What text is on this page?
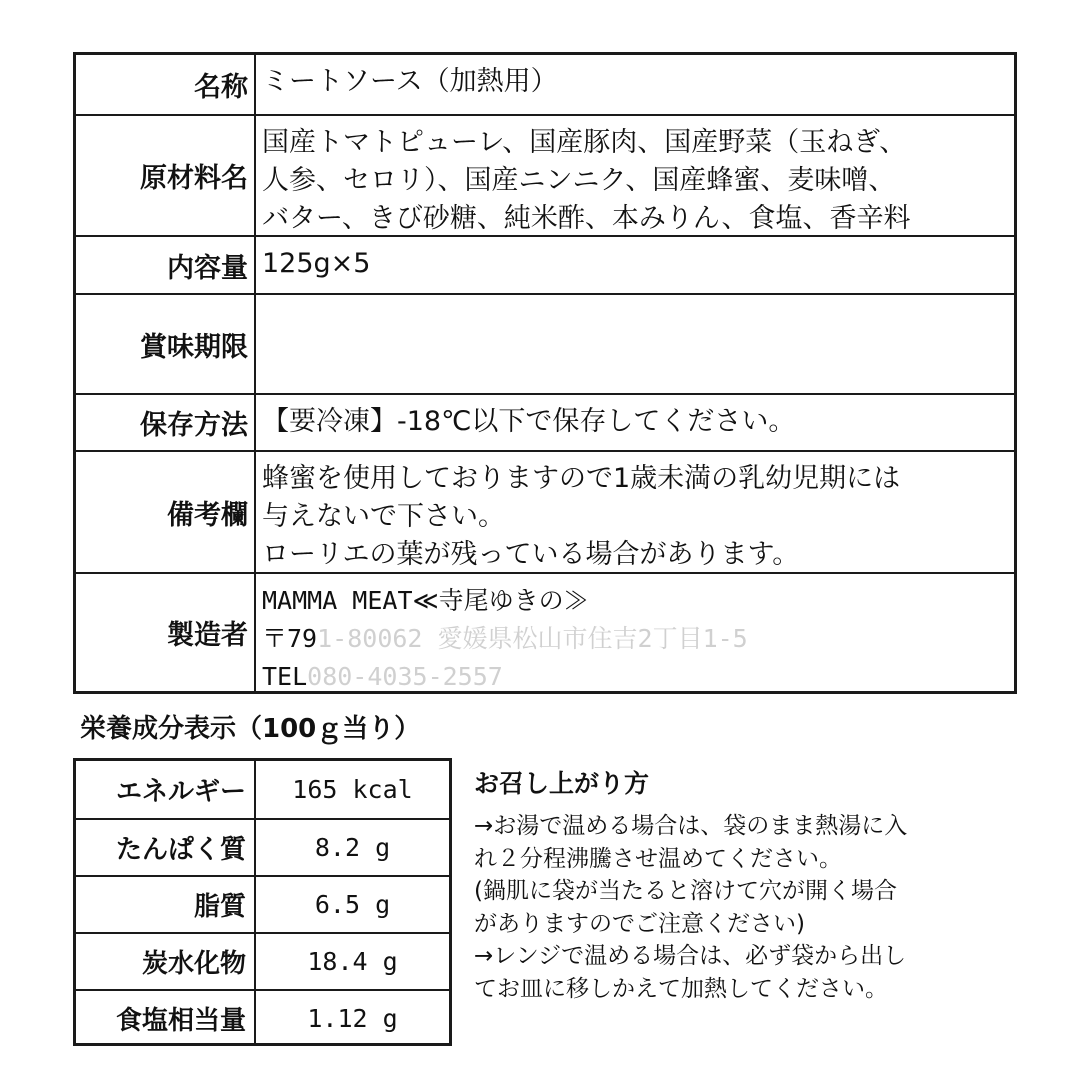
名称 ミートソース（加熱用）
原材料名
国産トマトピューレ、国産豚肉、国産野菜（玉ねぎ、
人参、セロリ）、国産ニンニク、国産蜂蜜、麦味噌、
バター、きび砂糖、純米酢、本みりん、食塩、香辛料
内容量 125g×5
賞味期限
保存方法 【要冷凍】-18℃以下で保存してください。
備考欄
蜂蜜を使用しておりますので1歳未満の乳幼児期には
与えないで下さい。
ローリエの葉が残っている場合があります。
製造者
MAMMA MEAT≪寺尾ゆきの≫
〒791-80062 愛媛県松山市住吉2丁目1-5
TEL080-4035-2557
栄養成分表示（100ｇ当り）
エネルギー	165 kcal
たんぱく質	8.2 g
脂質	6.5 g
炭水化物	18.4 g
食塩相当量	1.12 g
お召し上がり方
→お湯で温める場合は、袋のまま熱湯に入
れ２分程沸騰させ温めてください。
(鍋肌に袋が当たると溶けて穴が開く場合
がありますのでご注意ください)
→レンジで温める場合は、必ず袋から出し
てお皿に移しかえて加熱してください。
